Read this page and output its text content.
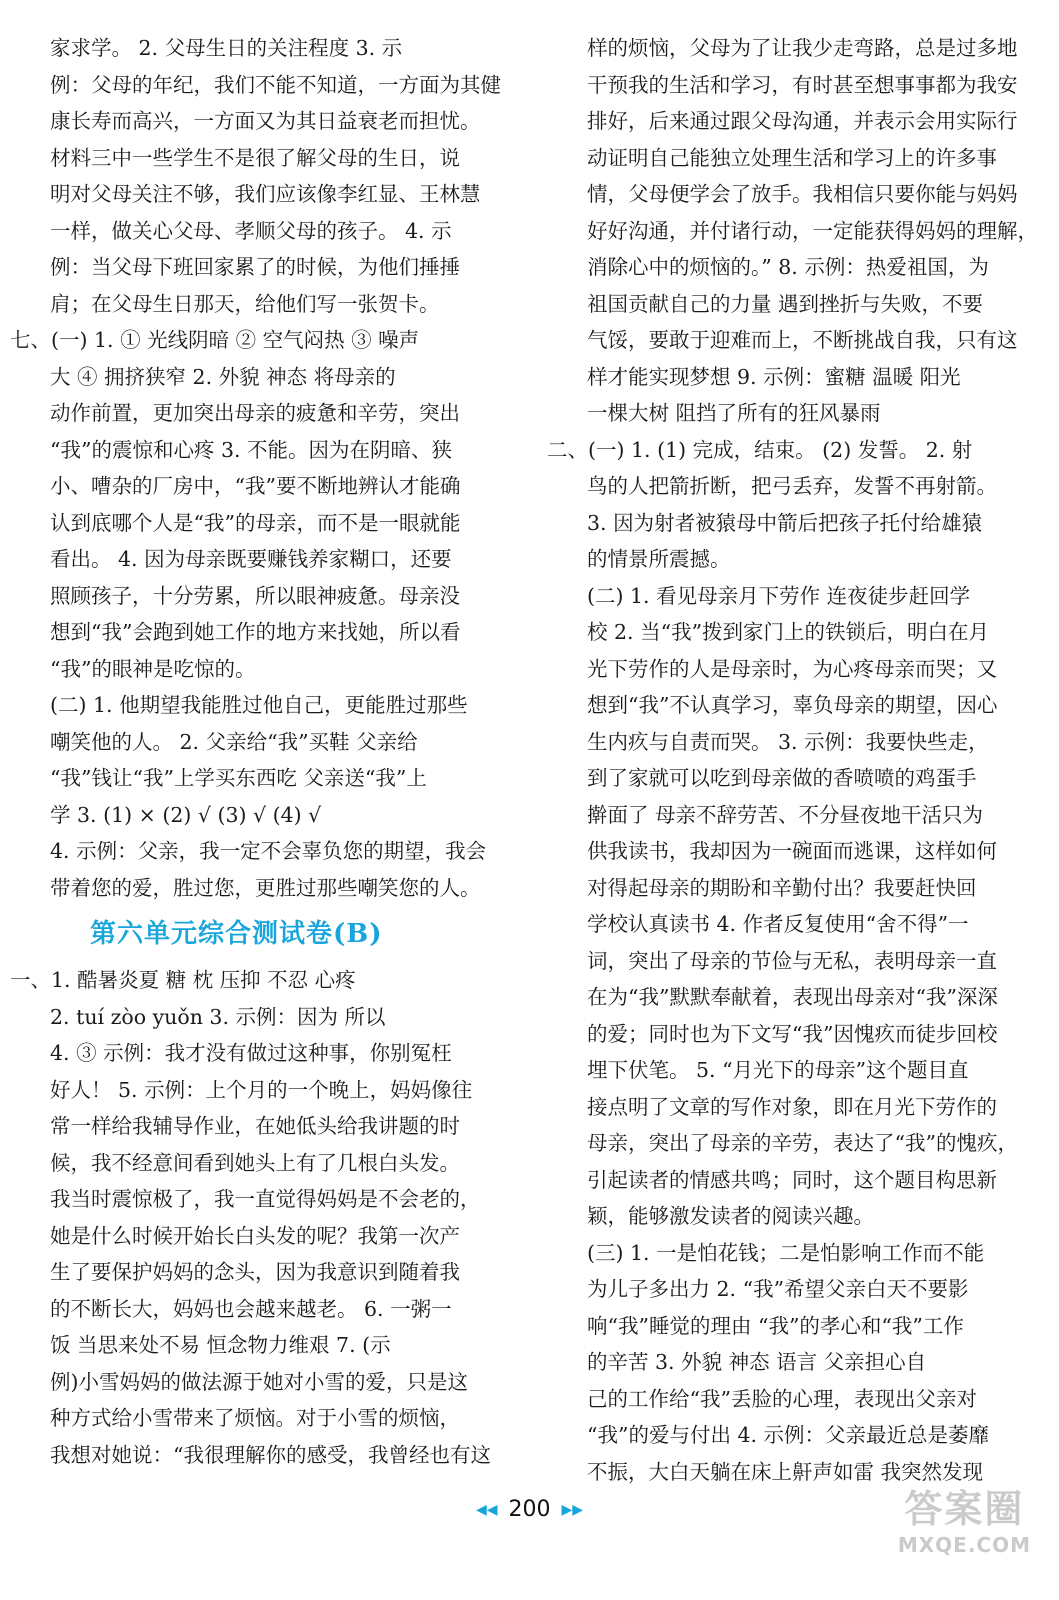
家求学。 2. 父母生日的关注程度 3. 示
例：父母的年纪，我们不能不知道，一方面为其健
康长寿而高兴，一方面又为其日益衰老而担忧。
材料三中一些学生不是很了解父母的生日，说
明对父母关注不够，我们应该像李红显、王林慧
一样，做关心父母、孝顺父母的孩子。 4. 示
例：当父母下班回家累了的时候，为他们捶捶
肩；在父母生日那天，给他们写一张贺卡。
七、(一) 1. ① 光线阴暗 ② 空气闷热 ③ 噪声
大 ④ 拥挤狭窄 2. 外貌 神态 将母亲的
动作前置，更加突出母亲的疲惫和辛劳，突出
“我”的震惊和心疼 3. 不能。因为在阴暗、狭
小、嘈杂的厂房中，“我”要不断地辨认才能确
认到底哪个人是“我”的母亲，而不是一眼就能
看出。 4. 因为母亲既要赚钱养家糊口，还要
照顾孩子，十分劳累，所以眼神疲惫。母亲没
想到“我”会跑到她工作的地方来找她，所以看
“我”的眼神是吃惊的。
(二) 1. 他期望我能胜过他自己，更能胜过那些
嘲笑他的人。 2. 父亲给“我”买鞋 父亲给
“我”钱让“我”上学买东西吃 父亲送“我”上
学 3. (1) × (2) √ (3) √ (4) √
4. 示例：父亲，我一定不会辜负您的期望，我会
带着您的爱，胜过您，更胜过那些嘲笑您的人。
第六单元综合测试卷(B)
一、1. 酷暑炎夏 糖 枕 压抑 不忍 心疼
2. tuí zòo yuǒn 3. 示例：因为 所以
4. ③ 示例：我才没有做过这种事，你别冤枉
好人！ 5. 示例：上个月的一个晚上，妈妈像往
常一样给我辅导作业，在她低头给我讲题的时
候，我不经意间看到她头上有了几根白头发。
我当时震惊极了，我一直觉得妈妈是不会老的，
她是什么时候开始长白头发的呢？我第一次产
生了要保护妈妈的念头，因为我意识到随着我
的不断长大，妈妈也会越来越老。 6. 一粥一
饭 当思来处不易 恒念物力维艰 7. (示
例)小雪妈妈的做法源于她对小雪的爱，只是这
种方式给小雪带来了烦恼。对于小雪的烦恼，
我想对她说：“我很理解你的感受，我曾经也有这
样的烦恼，父母为了让我少走弯路，总是过多地
干预我的生活和学习，有时甚至想事事都为我安
排好，后来通过跟父母沟通，并表示会用实际行
动证明自己能独立处理生活和学习上的许多事
情，父母便学会了放手。我相信只要你能与妈妈
好好沟通，并付诸行动，一定能获得妈妈的理解，
消除心中的烦恼的。” 8. 示例：热爱祖国，为
祖国贡献自己的力量 遇到挫折与失败，不要
气馁，要敢于迎难而上，不断挑战自我，只有这
样才能实现梦想 9. 示例：蜜糖 温暖 阳光
一棵大树 阻挡了所有的狂风暴雨
二、(一) 1. (1) 完成，结束。 (2) 发誓。 2. 射
鸟的人把箭折断，把弓丢弃，发誓不再射箭。
3. 因为射者被猿母中箭后把孩子托付给雄猿
的情景所震撼。
(二) 1. 看见母亲月下劳作 连夜徒步赶回学
校 2. 当“我”拨到家门上的铁锁后，明白在月
光下劳作的人是母亲时，为心疼母亲而哭；又
想到“我”不认真学习，辜负母亲的期望，因心
生内疚与自责而哭。 3. 示例：我要快些走，
到了家就可以吃到母亲做的香喷喷的鸡蛋手
擀面了 母亲不辞劳苦、不分昼夜地干活只为
供我读书，我却因为一碗面而逃课，这样如何
对得起母亲的期盼和辛勤付出？我要赶快回
学校认真读书 4. 作者反复使用“舍不得”一
词，突出了母亲的节俭与无私，表明母亲一直
在为“我”默默奉献着，表现出母亲对“我”深深
的爱；同时也为下文写“我”因愧疚而徒步回校
埋下伏笔。 5. “月光下的母亲”这个题目直
接点明了文章的写作对象，即在月光下劳作的
母亲，突出了母亲的辛劳，表达了“我”的愧疚，
引起读者的情感共鸣；同时，这个题目构思新
颖，能够激发读者的阅读兴趣。
(三) 1. 一是怕花钱；二是怕影响工作而不能
为儿子多出力 2. “我”希望父亲白天不要影
响“我”睡觉的理由 “我”的孝心和“我”工作
的辛苦 3. 外貌 神态 语言 父亲担心自
己的工作给“我”丢脸的心理，表现出父亲对
“我”的爱与付出 4. 示例：父亲最近总是萎靡
不振，大白天躺在床上鼾声如雷 我突然发现
◀◀ 200 ▶▶	答案圈
MXQE.COM
